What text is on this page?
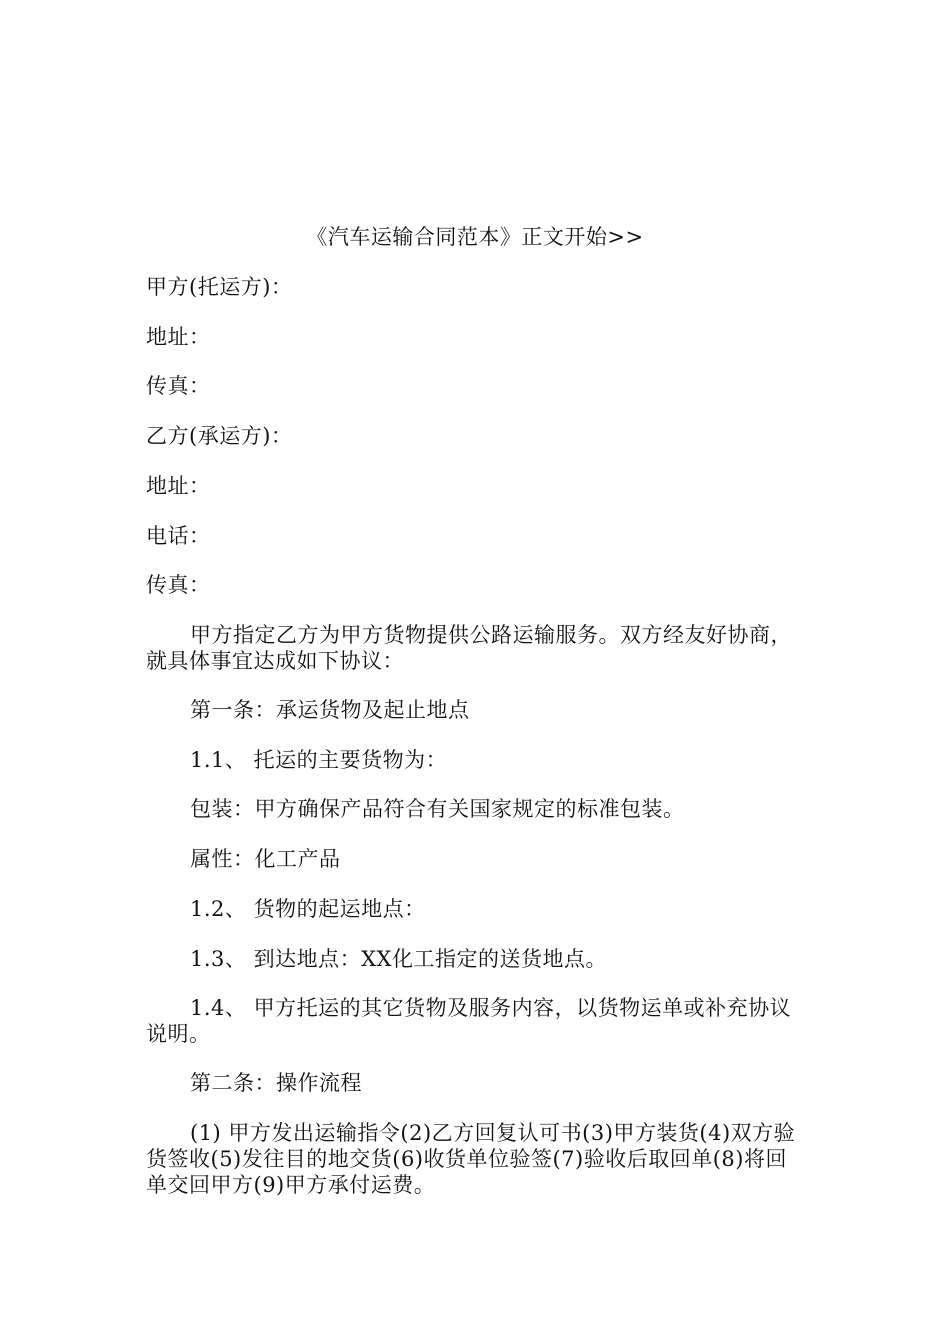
《汽车运输合同范本》正文开始>>
甲方(托运方)：
地址：
传真：
乙方(承运方)：
地址：
电话：
传真：
甲方指定乙方为甲方货物提供公路运输服务。双方经友好协商，就具体事宜达成如下协议：
第一条：承运货物及起止地点
1.1、 托运的主要货物为：
包装：甲方确保产品符合有关国家规定的标准包装。
属性：化工产品
1.2、 货物的起运地点：
1.3、 到达地点：XX化工指定的送货地点。
1.4、 甲方托运的其它货物及服务内容，以货物运单或补充协议说明。
第二条：操作流程
(1) 甲方发出运输指令(2)乙方回复认可书(3)甲方装货(4)双方验货签收(5)发往目的地交货(6)收货单位验签(7)验收后取回单(8)将回单交回甲方(9)甲方承付运费。
